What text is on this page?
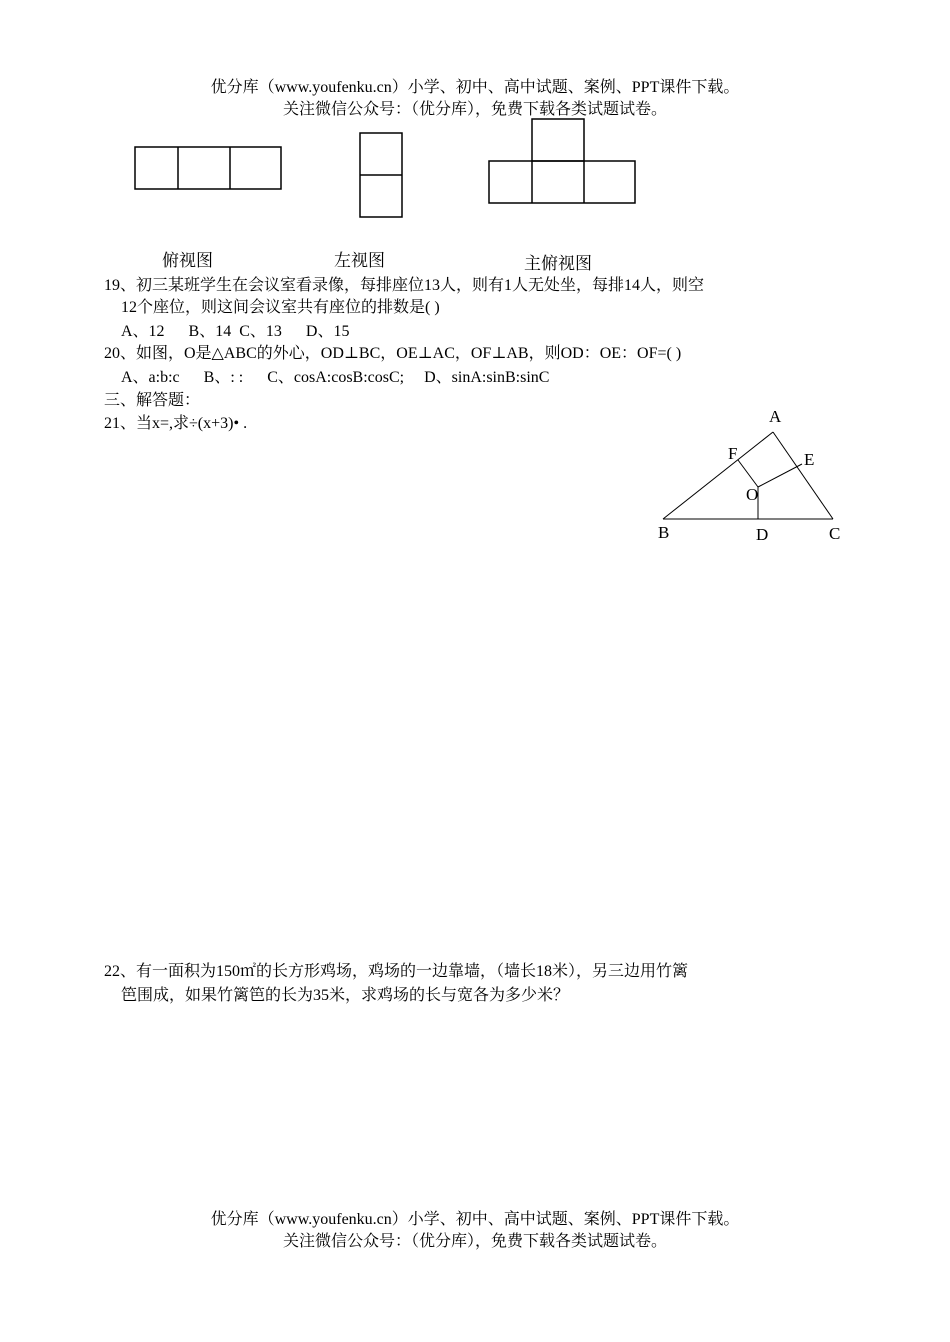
优分库（www.youfenku.cn）小学、初中、高中试题、案例、PPT课件下载。
关注微信公众号：（优分库），免费下载各类试题试卷。
俯视图	左视图	主俯视图
19、初三某班学生在会议室看录像，每排座位13人，则有1人无处坐，每排14人，则空
12个座位，则这间会议室共有座位的排数是( )
A、12      B、14  C、13      D、15
20、如图，O是△ABC的外心，OD⊥BC，OE⊥AC，OF⊥AB，则OD：OE：OF=( )
A、a:b:c      B、: :      C、cosA:cosB:cosC;     D、sinA:sinB:sinC
三、解答题：
21、当x=,求÷(x+3)• .	A
F	E
O
B	D	C
22、有一面积为150㎡的长方形鸡场，鸡场的一边靠墙，（墙长18米），另三边用竹篱
笆围成，如果竹篱笆的长为35米，求鸡场的长与宽各为多少米？
优分库（www.youfenku.cn）小学、初中、高中试题、案例、PPT课件下载。
关注微信公众号：（优分库），免费下载各类试题试卷。
